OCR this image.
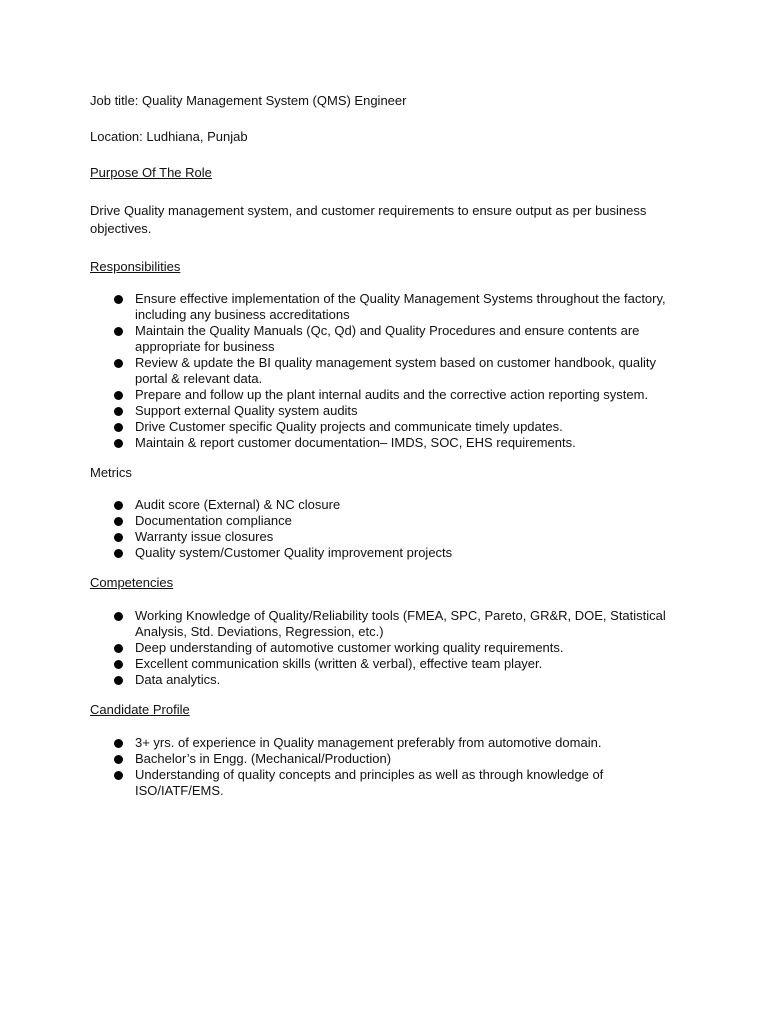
Job title: Quality Management System (QMS) Engineer

Location: Ludhiana, Punjab

Purpose Of The Role

Drive Quality management system, and customer requirements to ensure output as per business objectives.

Responsibilities

Ensure effective implementation of the Quality Management Systems throughout the factory, including any business accreditations
Maintain the Quality Manuals (Qc, Qd) and Quality Procedures and ensure contents are appropriate for business
Review & update the BI quality management system based on customer handbook, quality portal & relevant data.
Prepare and follow up the plant internal audits and the corrective action reporting system.
Support external Quality system audits
Drive Customer specific Quality projects and communicate timely updates.
Maintain & report customer documentation– IMDS, SOC, EHS requirements.

Metrics

Audit score (External) & NC closure
Documentation compliance
Warranty issue closures
Quality system/Customer Quality improvement projects

Competencies

Working Knowledge of Quality/Reliability tools (FMEA, SPC, Pareto, GR&R, DOE, Statistical Analysis, Std. Deviations, Regression, etc.)
Deep understanding of automotive customer working quality requirements.
Excellent communication skills (written & verbal), effective team player.
Data analytics.

Candidate Profile

3+ yrs. of experience in Quality management preferably from automotive domain.
Bachelor’s in Engg. (Mechanical/Production)
Understanding of quality concepts and principles as well as through knowledge of ISO/IATF/EMS.
